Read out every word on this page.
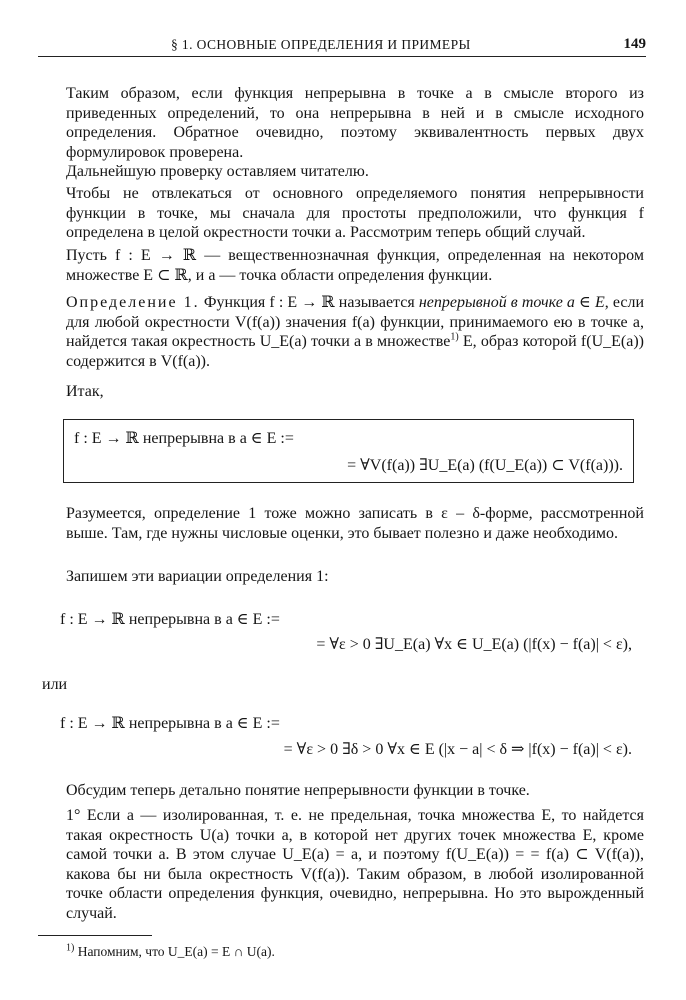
§ 1. ОСНОВНЫЕ ОПРЕДЕЛЕНИЯ И ПРИМЕРЫ	149

Таким образом, если функция непрерывна в точке a в смысле второго из приведенных определений, то она непрерывна в ней и в смысле исходного определения. Обратное очевидно, поэтому эквивалентность первых двух формулировок проверена.

Дальнейшую проверку оставляем читателю.

Чтобы не отвлекаться от основного определяемого понятия непрерывности функции в точке, мы сначала для простоты предположили, что функция f определена в целой окрестности точки a. Рассмотрим теперь общий случай.

Пусть f : E → ℝ — вещественнозначная функция, определенная на некотором множестве E ⊂ ℝ, и a — точка области определения функции.

Определение 1. Функция f : E → ℝ называется непрерывной в точке a ∈ E, если для любой окрестности V(f(a)) значения f(a) функции, принимаемого ею в точке a, найдется такая окрестность U_E(a) точки a в множестве$^{1)}$ E, образ которой f(U_E(a)) содержится в V(f(a)).

Итак,

f : E → ℝ непрерывна в a ∈ E :=
= ∀V(f(a)) ∃U_E(a) (f(U_E(a)) ⊂ V(f(a))).

Разумеется, определение 1 тоже можно записать в ε – δ-форме, рассмотренной выше. Там, где нужны числовые оценки, это бывает полезно и даже необходимо.

Запишем эти вариации определения 1:

f : E → ℝ непрерывна в a ∈ E :=
= ∀ε > 0 ∃U_E(a) ∀x ∈ U_E(a) (|f(x) − f(a)| < ε),

или

f : E → ℝ непрерывна в a ∈ E :=
= ∀ε > 0 ∃δ > 0 ∀x ∈ E (|x − a| < δ ⇒ |f(x) − f(a)| < ε).

Обсудим теперь детально понятие непрерывности функции в точке.

1° Если a — изолированная, т. е. не предельная, точка множества E, то найдется такая окрестность U(a) точки a, в которой нет других точек множества E, кроме самой точки a. В этом случае U_E(a) = a, и поэтому f(U_E(a)) = = f(a) ⊂ V(f(a)), какова бы ни была окрестность V(f(a)). Таким образом, в любой изолированной точке области определения функция, очевидно, непрерывна. Но это вырожденный случай.

$^{1)}$ Напомним, что U_E(a) = E ∩ U(a).
